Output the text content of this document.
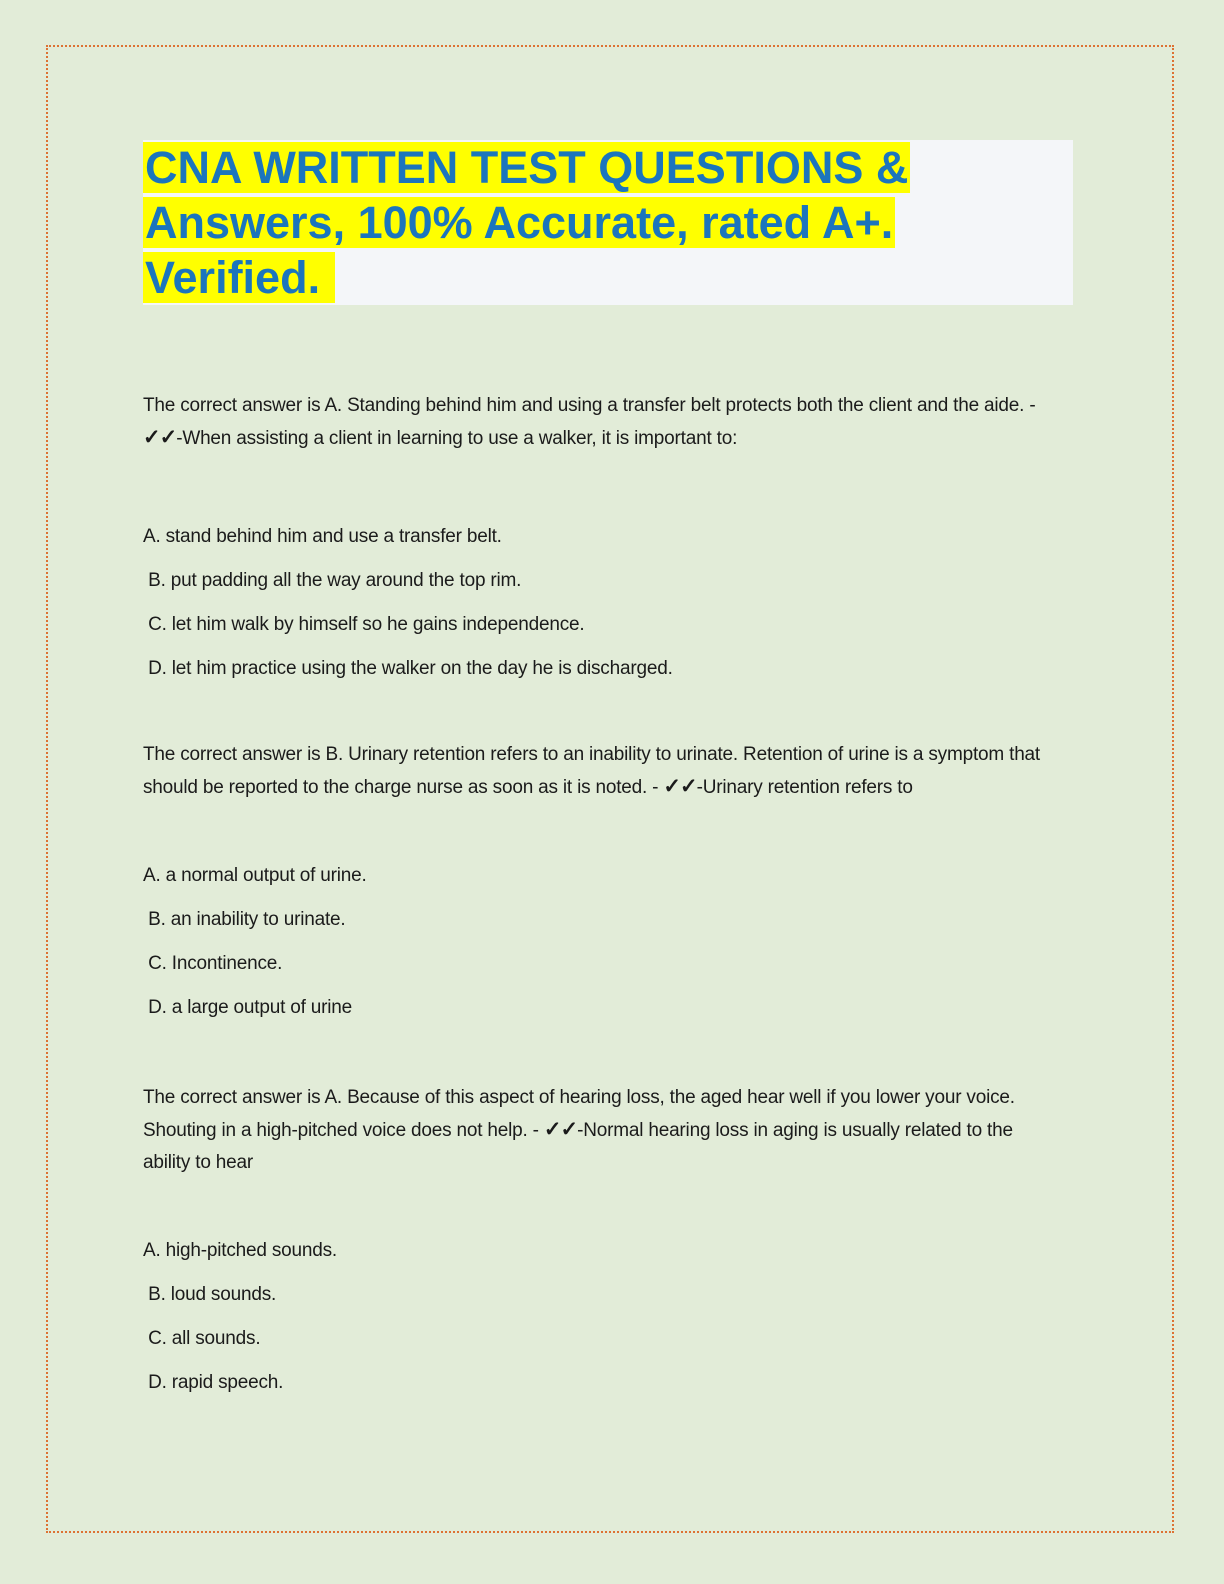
CNA WRITTEN TEST QUESTIONS &
Answers, 100% Accurate, rated A+.
Verified.

The correct answer is A. Standing behind him and using a transfer belt protects both the client and the aide. - ✓✓-When assisting a client in learning to use a walker, it is important to:

A. stand behind him and use a transfer belt.

B. put padding all the way around the top rim.

C. let him walk by himself so he gains independence.

D. let him practice using the walker on the day he is discharged.

The correct answer is B. Urinary retention refers to an inability to urinate. Retention of urine is a symptom that should be reported to the charge nurse as soon as it is noted. - ✓✓-Urinary retention refers to

A. a normal output of urine.

B. an inability to urinate.

C. Incontinence.

D. a large output of urine

The correct answer is A. Because of this aspect of hearing loss, the aged hear well if you lower your voice. Shouting in a high-pitched voice does not help. - ✓✓-Normal hearing loss in aging is usually related to the ability to hear

A. high-pitched sounds.

B. loud sounds.

C. all sounds.

D. rapid speech.
